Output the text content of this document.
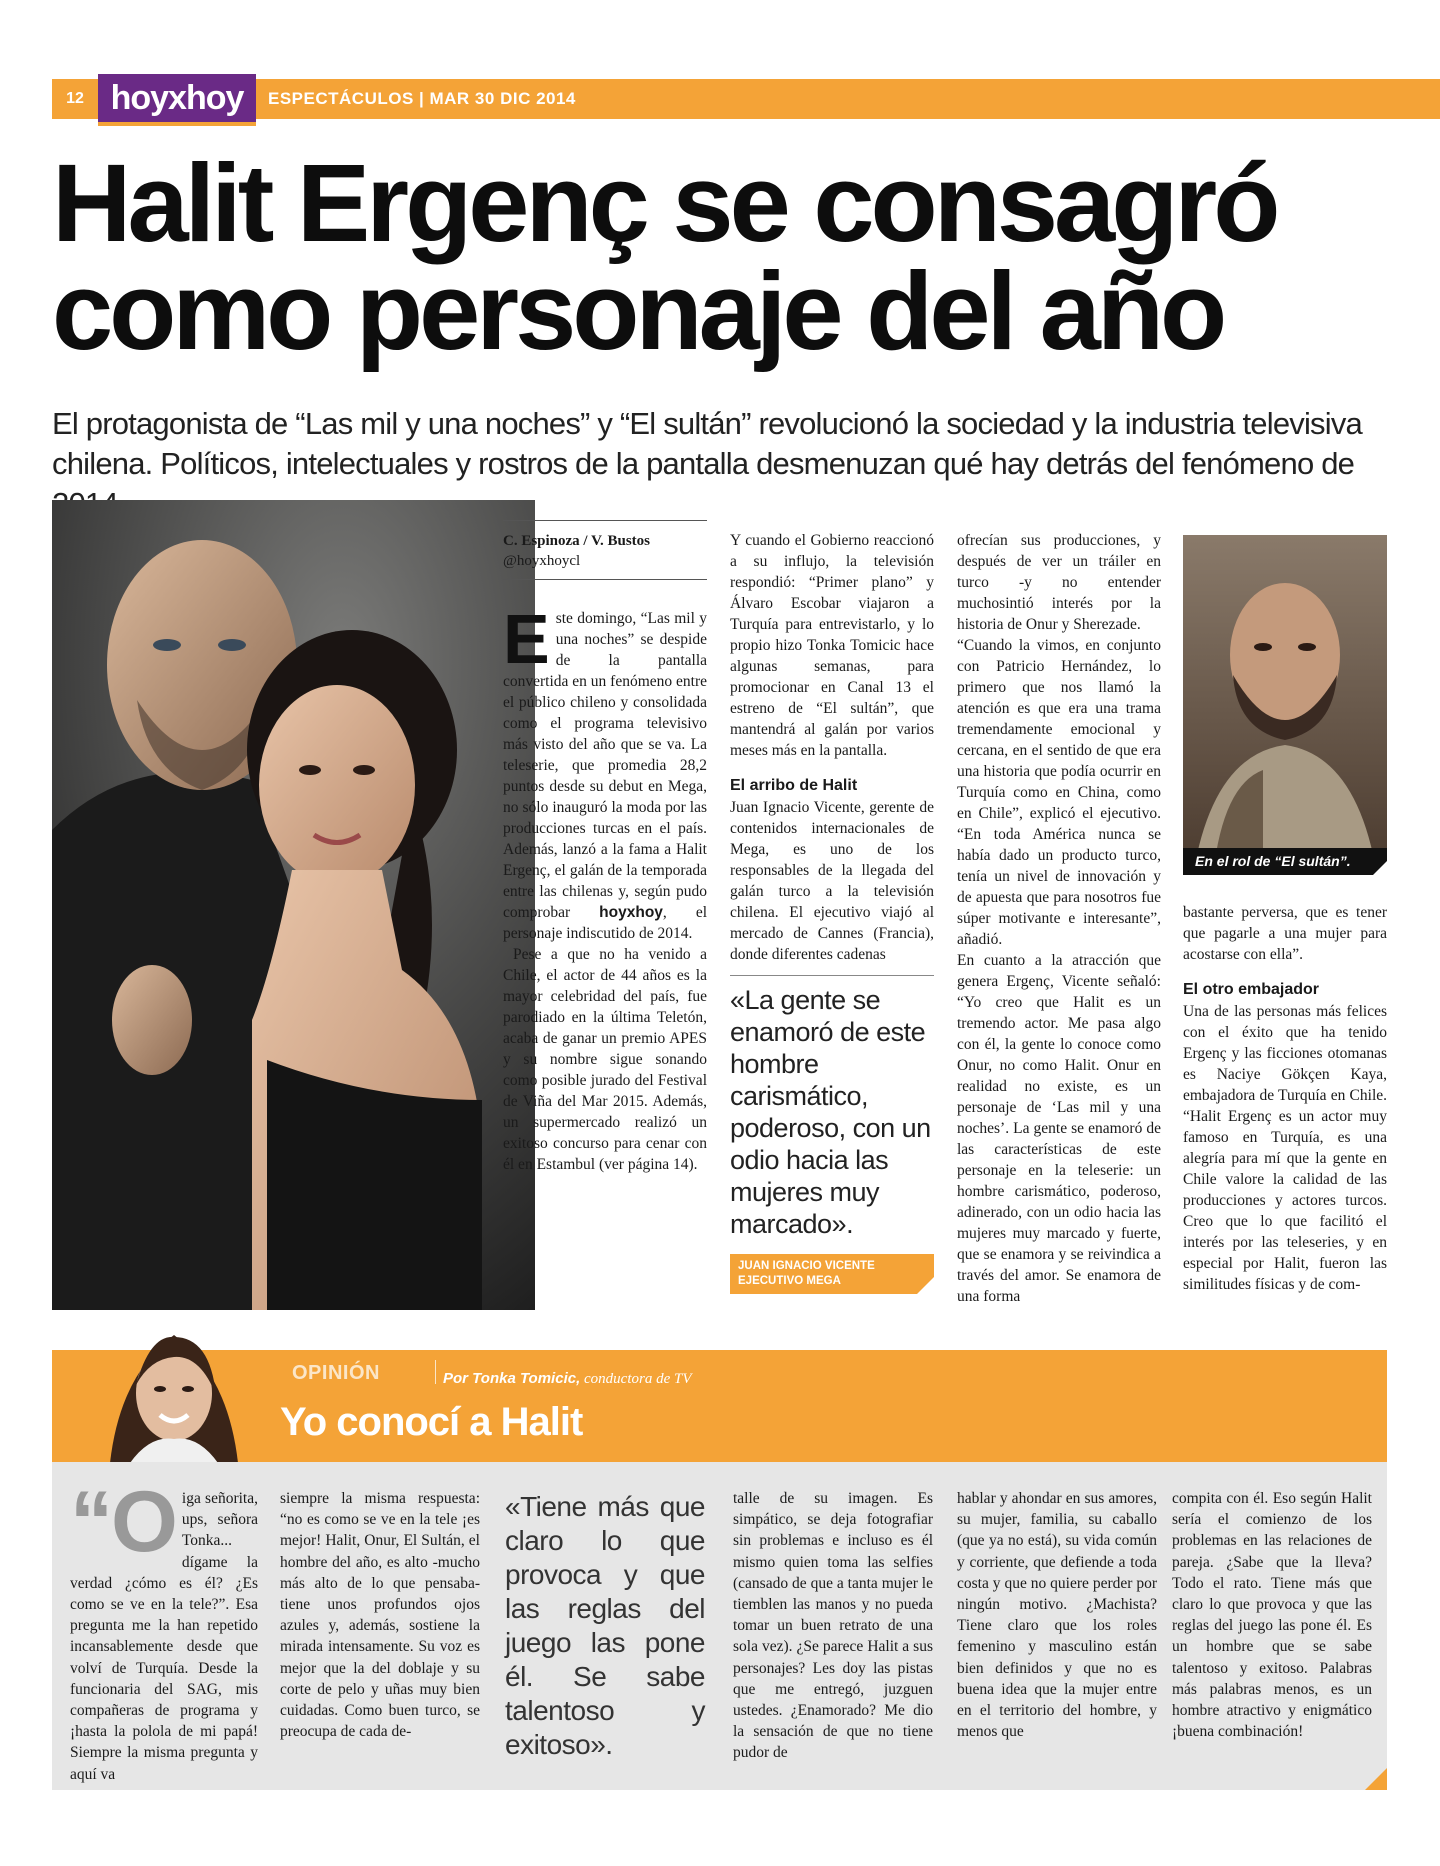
12 hoyxhoy	ESPECTÁCULOS | MAR 30 DIC 2014
Halit Ergenç se consagró como personaje del año

El protagonista de “Las mil y una noches” y “El sultán” revolucionó la sociedad y la industria televisiva chilena. Políticos, intelectuales y rostros de la pantalla desmenuzan qué hay detrás del fenómeno de

C. Espinoza / V. Bustos
@hoyxhoycl

Este domingo, “Las mil y una noches” se despide de la pantalla convertida en un fenómeno entre el público chileno y consolidada como el programa televisivo más visto del año que se va. La teleserie, que promedia 28,2 puntos desde su debut en Mega, no sólo inauguró la moda por las producciones turcas en el país. Además, lanzó a la fama a Halit Ergenç, el galán de la temporada entre las chilenas y, según pudo comprobar hoyxhoy, el personaje indiscutido de 2014.

Pese a que no ha venido a Chile, el actor de 44 años es la mayor celebridad del país, fue parodiado en la última Teletón, acaba de ganar un premio APES y su nombre sigue sonando como posible jurado del Festival de Viña del Mar 2015. Además, un supermercado realizó un exitoso concurso para cenar con él en Estambul (ver página 14).

Y cuando el Gobierno reaccionó a su influjo, la televisión respondió: “Primer plano” y Álvaro Escobar viajaron a Turquía para entrevistarlo, y lo propio hizo Tonka Tomicic hace algunas semanas, para promocionar en Canal 13 el estreno de “El sultán”, que mantendrá al galán por varios meses más en la pantalla.

El arribo de Halit

Juan Ignacio Vicente, gerente de contenidos internacionales de Mega, es uno de los responsables de la llegada del galán turco a la televisión chilena. El ejecutivo viajó al mercado de Cannes (Francia), donde diferentes cadenas

«La gente se enamoró de este hombre carismático, poderoso, con un odio hacia las mujeres muy marcado».
JUAN IGNACIO VICENTE
EJECUTIVO MEGA

ofrecían sus producciones, y después de ver un tráiler en turco -y no entender muchosintió interés por la historia de Onur y Sherezade.

“Cuando la vimos, en conjunto con Patricio Hernández, lo primero que nos llamó la atención es que era una trama tremendamente emocional y cercana, en el sentido de que era una historia que podía ocurrir en Turquía como en China, como en Chile”, explicó el ejecutivo. “En toda América nunca se había dado un producto turco, tenía un nivel de innovación y de apuesta que para nosotros fue súper motivante e interesante”, añadió.

En cuanto a la atracción que genera Ergenç, Vicente señaló: “Yo creo que Halit es un tremendo actor. Me pasa algo con él, la gente lo conoce como Onur, no como Halit. Onur en realidad no existe, es un personaje de ‘Las mil y una noches’. La gente se enamoró de las características de este personaje en la teleserie: un hombre carismático, poderoso, adinerado, con un odio hacia las mujeres muy marcado y fuerte, que se enamora y se reivindica a través del amor. Se enamora de una forma

En el rol de “El sultán”.

bastante perversa, que es tener que pagarle a una mujer para acostarse con ella”.

El otro embajador

Una de las personas más felices con el éxito que ha tenido Ergenç y las ficciones otomanas es Naciye Gökçen Kaya, embajadora de Turquía en Chile. “Halit Ergenç es un actor muy famoso en Turquía, es una alegría para mí que la gente en Chile valore la calidad de las producciones y actores turcos. Creo que lo que facilitó el interés por las teleseries, y en especial por Halit, fueron las similitudes físicas y de com-

OPINIÓN	Por Tonka Tomicic, conductora de TV
Yo conocí a Halit
“Oiga señorita, ups, señora Tonka... dígame la verdad ¿cómo es él? ¿Es como se ve en la tele?”. Esa pregunta me la han repetido incansablemente desde que volví de Turquía. Desde la funcionaria del SAG, mis compañeras de programa y ¡hasta la polola de mi papá! Siempre la misma pregunta y aquí va
siempre la misma respuesta: “no es como se ve en la tele ¡es mejor! Halit, Onur, El Sultán, el hombre del año, es alto -mucho más alto de lo que pensaba- tiene unos profundos ojos azules y, además, sostiene la mirada intensamente. Su voz es mejor que la del doblaje y su corte de pelo y uñas muy bien cuidadas. Como buen turco, se preocupa de cada de-
«Tiene más que claro lo que provoca y que las reglas del juego las pone él. Se sabe talentoso y exitoso».
talle de su imagen. Es simpático, se deja fotografiar sin problemas e incluso es él mismo quien toma las selfies (cansado de que a tanta mujer le tiemblen las manos y no pueda tomar un buen retrato de una sola vez). ¿Se parece Halit a sus personajes? Les doy las pistas que me entregó, juzguen ustedes. ¿Enamorado? Me dio la sensación de que no tiene pudor de
hablar y ahondar en sus amores, su mujer, familia, su caballo (que ya no está), su vida común y corriente, que defiende a toda costa y que no quiere perder por ningún motivo. ¿Machista? Tiene claro que los roles femenino y masculino están bien definidos y que no es buena idea que la mujer entre en el territorio del hombre, y menos que
compita con él. Eso según Halit sería el comienzo de los problemas en las relaciones de pareja. ¿Sabe que la lleva? Todo el rato. Tiene más que claro lo que provoca y que las reglas del juego las pone él. Es un hombre que se sabe talentoso y exitoso. Palabras más palabras menos, es un hombre atractivo y enigmático ¡buena combinación!
